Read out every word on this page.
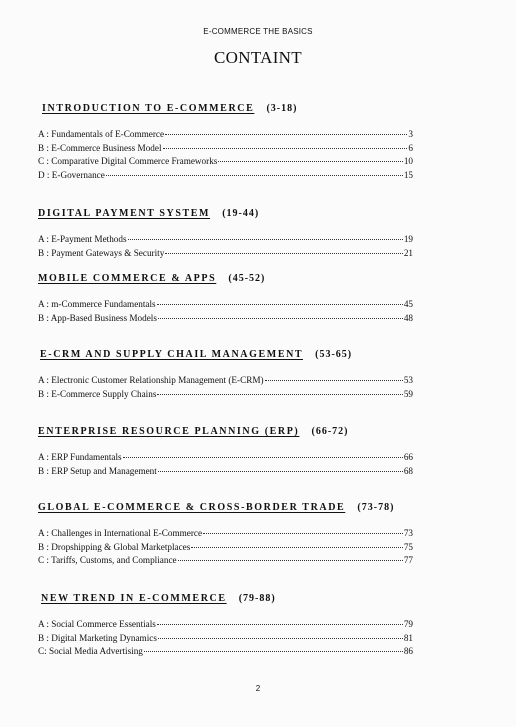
E-COMMERCE THE BASICS
CONTAINT
INTRODUCTION TO E-COMMERCE (3-18)
A : Fundamentals of E-Commerce	3
B : E-Commerce Business Model	6
C : Comparative Digital Commerce Frameworks	10
D : E-Governance	15
DIGITAL PAYMENT SYSTEM (19-44)
A : E-Payment Methods	19
B : Payment Gateways & Security	21
MOBILE COMMERCE & APPS (45-52)
A : m-Commerce Fundamentals	45
B : App-Based Business Models	48
E-CRM AND SUPPLY CHAIL MANAGEMENT (53-65)
A : Electronic Customer Relationship Management (E-CRM)	53
B : E-Commerce Supply Chains	59
ENTERPRISE RESOURCE PLANNING (ERP) (66-72)
A : ERP Fundamentals	66
B : ERP Setup and Management	68
GLOBAL E-COMMERCE & CROSS-BORDER TRADE (73-78)
A : Challenges in International E-Commerce	73
B : Dropshipping & Global Marketplaces	75
C : Tariffs, Customs, and Compliance	77
NEW TREND IN E-COMMERCE (79-88)
A : Social Commerce Essentials	79
B : Digital Marketing Dynamics	81
C: Social Media Advertising	86
2
